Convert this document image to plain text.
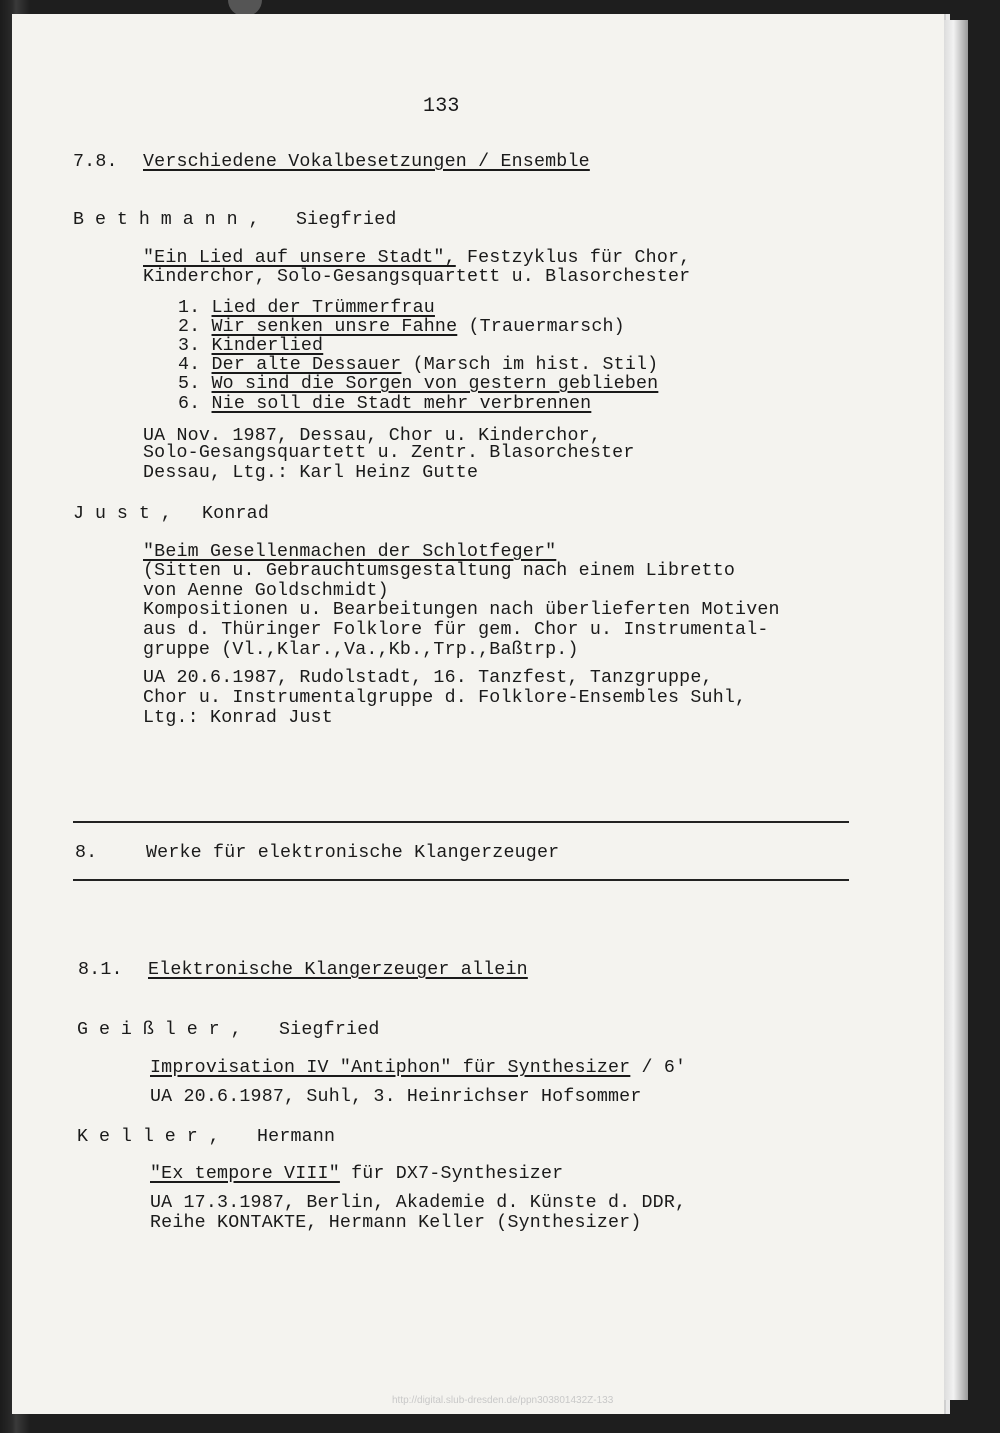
133
7.8. Verschiedene Vokalbesetzungen / Ensemble
B e t h m a n n , Siegfried
"Ein Lied auf unsere Stadt", Festzyklus für Chor,
Kinderchor, Solo-Gesangsquartett u. Blasorchester
1. Lied der Trümmerfrau
2. Wir senken unsre Fahne (Trauermarsch)
3. Kinderlied
4. Der alte Dessauer (Marsch im hist. Stil)
5. Wo sind die Sorgen von gestern geblieben
6. Nie soll die Stadt mehr verbrennen
UA Nov. 1987, Dessau, Chor u. Kinderchor,
Solo-Gesangsquartett u. Zentr. Blasorchester
Dessau, Ltg.: Karl Heinz Gutte
J u s t , Konrad
"Beim Gesellenmachen der Schlotfeger"
(Sitten u. Gebrauchtumsgestaltung nach einem Libretto
von Aenne Goldschmidt)
Kompositionen u. Bearbeitungen nach überlieferten Motiven
aus d. Thüringer Folklore für gem. Chor u. Instrumental-
gruppe (Vl.,Klar.,Va.,Kb.,Trp.,Baßtrp.)
UA 20.6.1987, Rudolstadt, 16. Tanzfest, Tanzgruppe,
Chor u. Instrumentalgruppe d. Folklore-Ensembles Suhl,
Ltg.: Konrad Just
8.	Werke für elektronische Klangerzeuger
8.1. Elektronische Klangerzeuger allein
G e i ß l e r , Siegfried
Improvisation IV "Antiphon" für Synthesizer / 6'
UA 20.6.1987, Suhl, 3. Heinrichser Hofsommer
K e l l e r , Hermann
"Ex tempore VIII" für DX7-Synthesizer
UA 17.3.1987, Berlin, Akademie d. Künste d. DDR,
Reihe KONTAKTE, Hermann Keller (Synthesizer)
http://digital.slub-dresden.de/ppn303801432Z-133
